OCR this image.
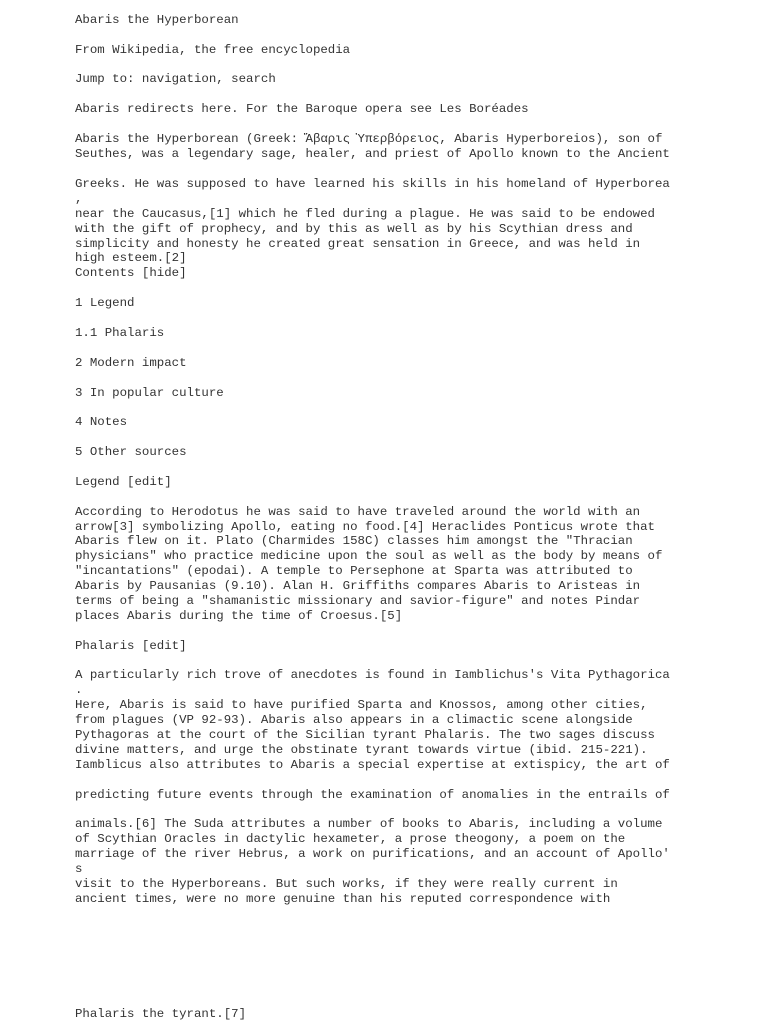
Abaris the Hyperborean
From Wikipedia, the free encyclopedia
Jump to: navigation, search
Abaris redirects here. For the Baroque opera see Les Boréades
Abaris the Hyperborean (Greek: Ἄβαρις Ὑπερβόρειος, Abaris Hyperboreios), son of
Seuthes, was a legendary sage, healer, and priest of Apollo known to the Ancient
Greeks. He was supposed to have learned his skills in his homeland of Hyperborea
,
near the Caucasus,[1] which he fled during a plague. He was said to be endowed
with the gift of prophecy, and by this as well as by his Scythian dress and
simplicity and honesty he created great sensation in Greece, and was held in
high esteem.[2]
Contents [hide]
1 Legend
1.1 Phalaris
2 Modern impact
3 In popular culture
4 Notes
5 Other sources
Legend [edit]
According to Herodotus he was said to have traveled around the world with an
arrow[3] symbolizing Apollo, eating no food.[4] Heraclides Ponticus wrote that
Abaris flew on it. Plato (Charmides 158C) classes him amongst the "Thracian
physicians" who practice medicine upon the soul as well as the body by means of
"incantations" (epodai). A temple to Persephone at Sparta was attributed to
Abaris by Pausanias (9.10). Alan H. Griffiths compares Abaris to Aristeas in
terms of being a "shamanistic missionary and savior-figure" and notes Pindar
places Abaris during the time of Croesus.[5]
Phalaris [edit]
A particularly rich trove of anecdotes is found in Iamblichus's Vita Pythagorica
.
Here, Abaris is said to have purified Sparta and Knossos, among other cities,
from plagues (VP 92-93). Abaris also appears in a climactic scene alongside
Pythagoras at the court of the Sicilian tyrant Phalaris. The two sages discuss
divine matters, and urge the obstinate tyrant towards virtue (ibid. 215-221).
Iamblicus also attributes to Abaris a special expertise at extispicy, the art of
predicting future events through the examination of anomalies in the entrails of
animals.[6] The Suda attributes a number of books to Abaris, including a volume
of Scythian Oracles in dactylic hexameter, a prose theogony, a poem on the
marriage of the river Hebrus, a work on purifications, and an account of Apollo'
s
visit to the Hyperboreans. But such works, if they were really current in
ancient times, were no more genuine than his reputed correspondence with
Phalaris the tyrant.[7]
